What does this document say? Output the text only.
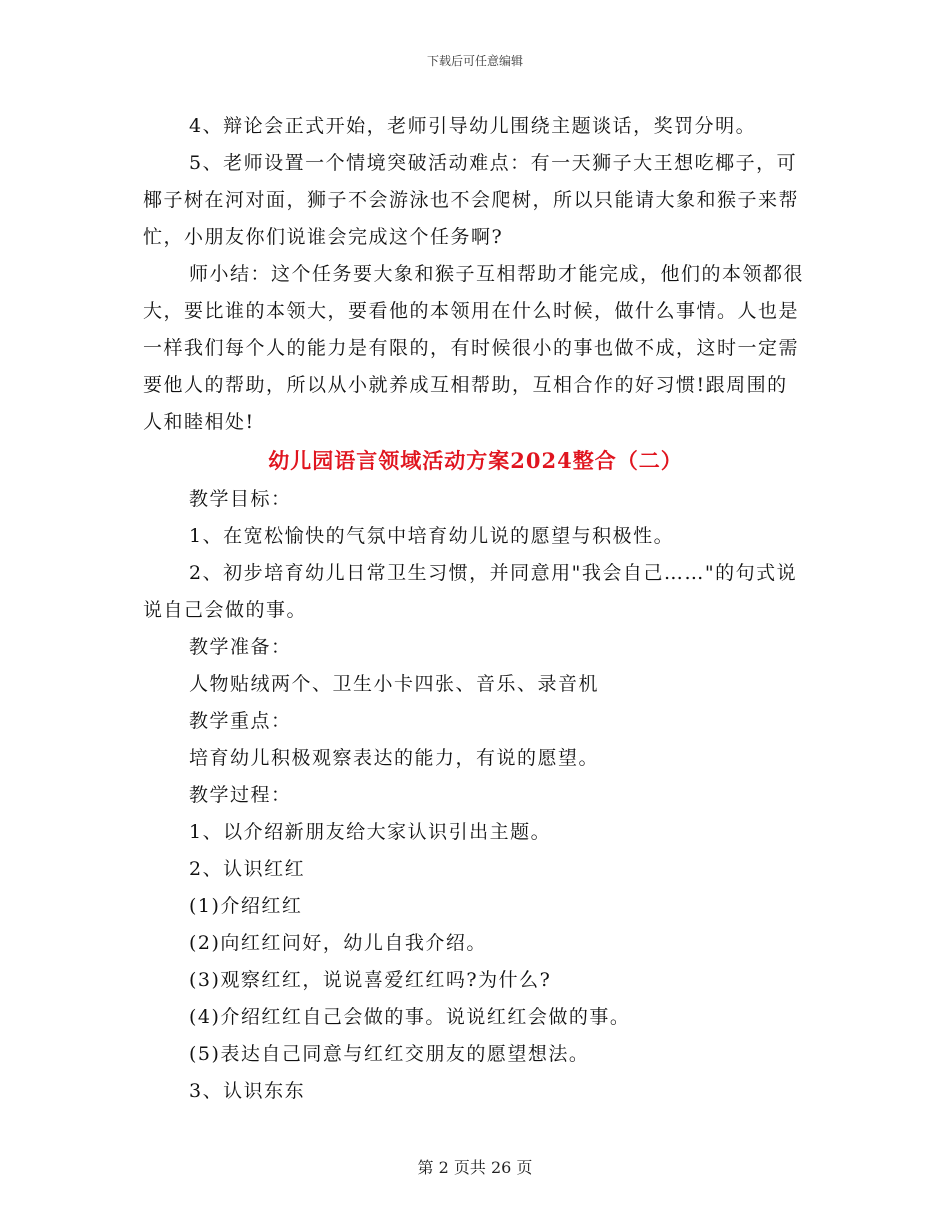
下载后可任意编辑

4、辩论会正式开始，老师引导幼儿围绕主题谈话，奖罚分明。

5、老师设置一个情境突破活动难点：有一天狮子大王想吃椰子，可椰子树在河对面，狮子不会游泳也不会爬树，所以只能请大象和猴子来帮忙，小朋友你们说谁会完成这个任务啊?

师小结：这个任务要大象和猴子互相帮助才能完成，他们的本领都很大，要比谁的本领大，要看他的本领用在什么时候，做什么事情。人也是一样我们每个人的能力是有限的，有时候很小的事也做不成，这时一定需要他人的帮助，所以从小就养成互相帮助，互相合作的好习惯!跟周围的人和睦相处!

幼儿园语言领域活动方案2024整合（二）

教学目标：

1、在宽松愉快的气氛中培育幼儿说的愿望与积极性。

2、初步培育幼儿日常卫生习惯，并同意用"我会自己……"的句式说说自己会做的事。

教学准备：

人物贴绒两个、卫生小卡四张、音乐、录音机

教学重点：

培育幼儿积极观察表达的能力，有说的愿望。

教学过程：

1、以介绍新朋友给大家认识引出主题。

2、认识红红

(1)介绍红红

(2)向红红问好，幼儿自我介绍。

(3)观察红红，说说喜爱红红吗?为什么?

(4)介绍红红自己会做的事。说说红红会做的事。

(5)表达自己同意与红红交朋友的愿望想法。

3、认识东东

第 2 页共 26 页
